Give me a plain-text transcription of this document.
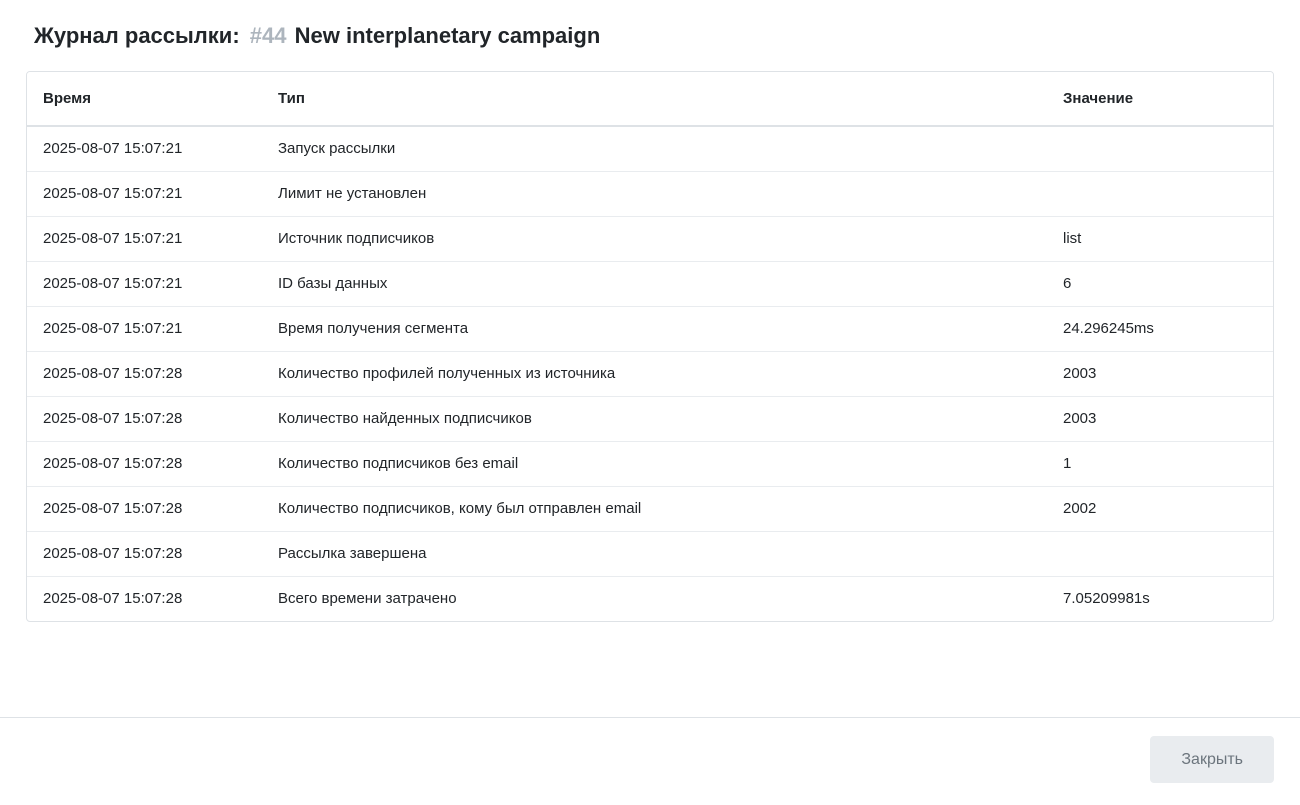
Журнал рассылки: #44 New interplanetary campaign
Время	Тип	Значение
2025-08-07 15:07:21	Запуск рассылки	
2025-08-07 15:07:21	Лимит не установлен	
2025-08-07 15:07:21	Источник подписчиков	list
2025-08-07 15:07:21	ID базы данных	6
2025-08-07 15:07:21	Время получения сегмента	24.296245ms
2025-08-07 15:07:28	Количество профилей полученных из источника	2003
2025-08-07 15:07:28	Количество найденных подписчиков	2003
2025-08-07 15:07:28	Количество подписчиков без email	1
2025-08-07 15:07:28	Количество подписчиков, кому был отправлен email	2002
2025-08-07 15:07:28	Рассылка завершена	
2025-08-07 15:07:28	Всего времени затрачено	7.05209981s
Закрыть
